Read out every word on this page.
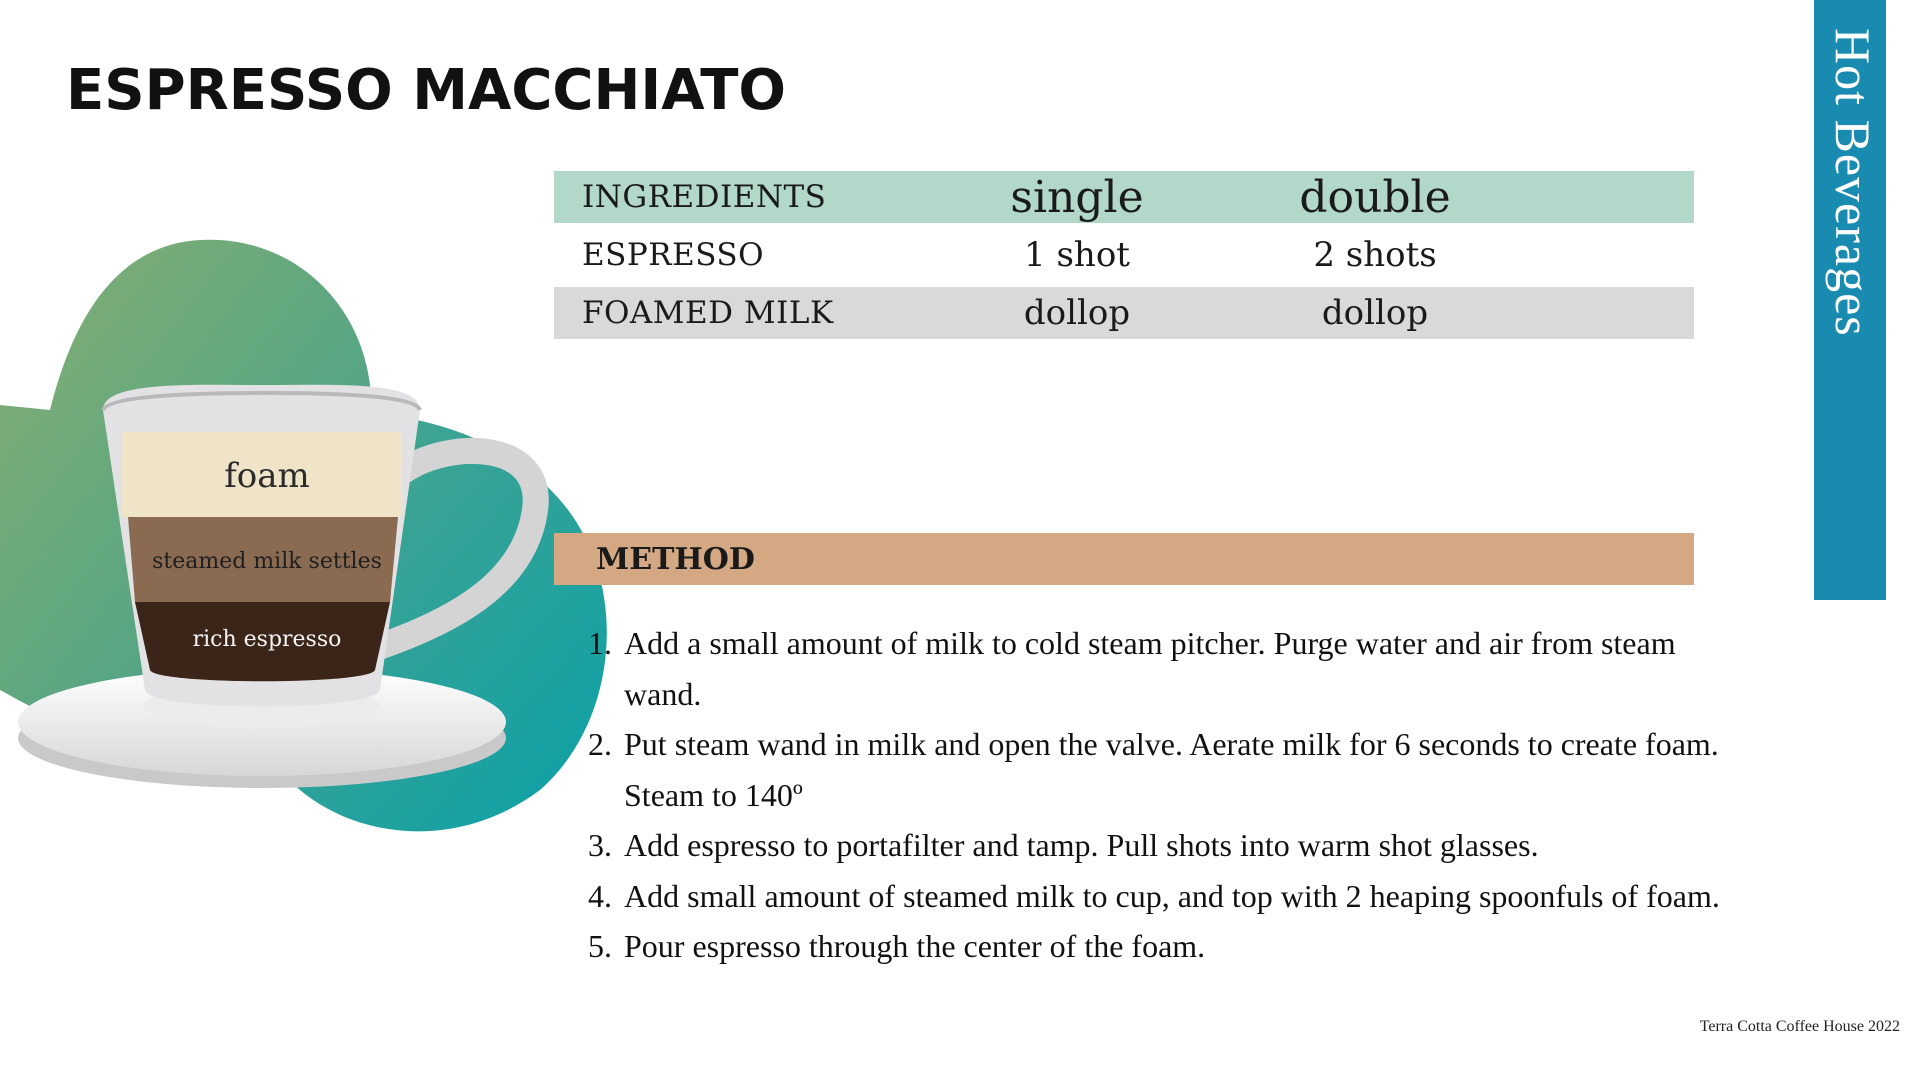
ESPRESSO MACCHIATO	Hot Beverages
foam
steamed milk settles
rich espresso
INGREDIENTS	single	double
ESPRESSO	1 shot	2 shots
FOAMED MILK	dollop	dollop
METHOD
1. Add a small amount of milk to cold steam pitcher. Purge water and air from steam wand.
2. Put steam wand in milk and open the valve. Aerate milk for 6 seconds to create foam. Steam to 140º
3. Add espresso to portafilter and tamp. Pull shots into warm shot glasses.
4. Add small amount of steamed milk to cup, and top with 2 heaping spoonfuls of foam.
5. Pour espresso through the center of the foam.
Terra Cotta Coffee House 2022
